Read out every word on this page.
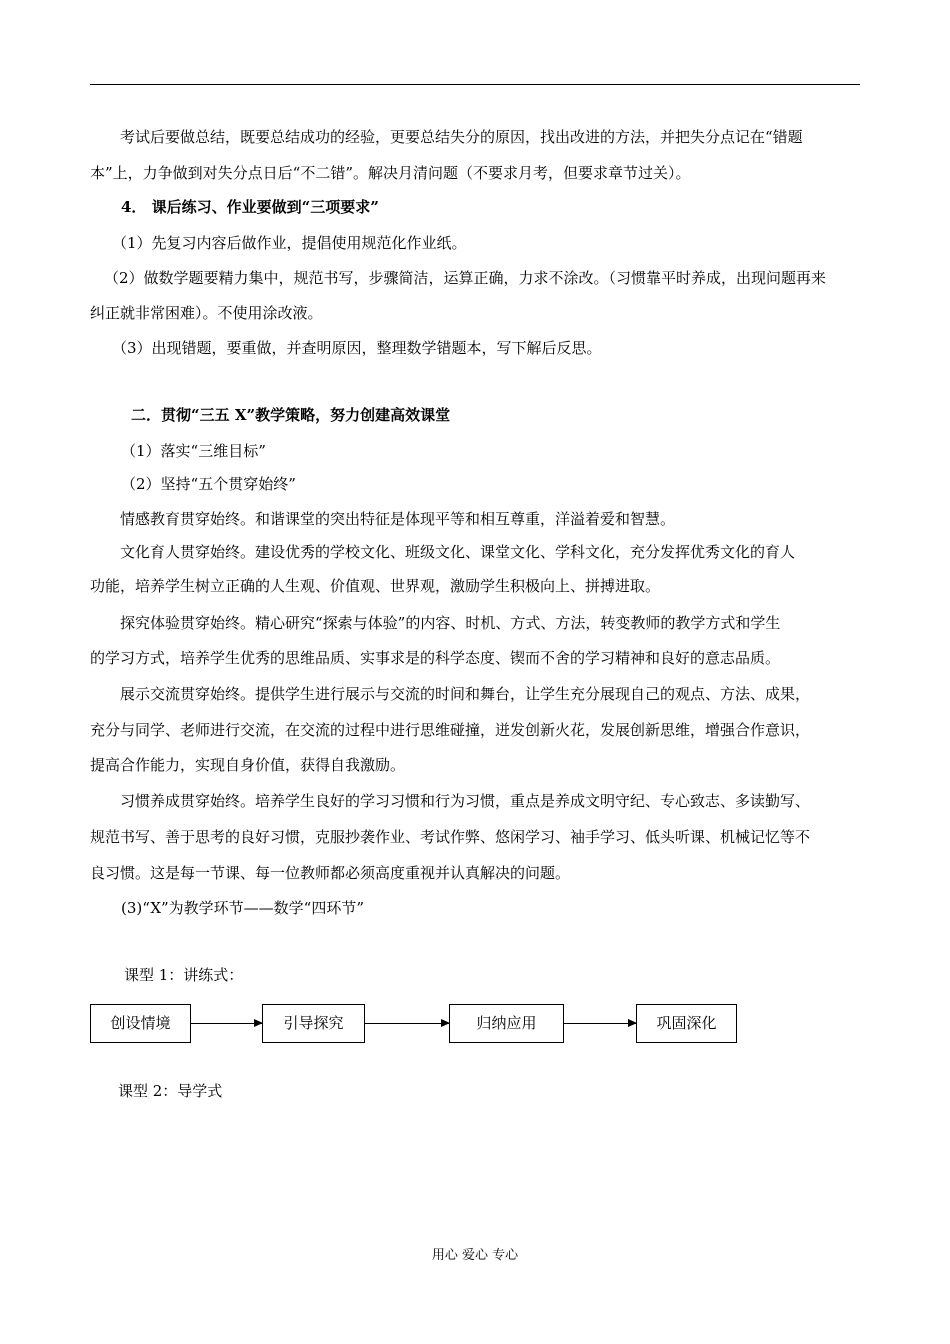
考试后要做总结，既要总结成功的经验，更要总结失分的原因，找出改进的方法，并把失分点记在“错题
本”上，力争做到对失分点日后“不二错”。解决月清问题（不要求月考，但要求章节过关）。
4． 课后练习、作业要做到“三项要求”
（1）先复习内容后做作业，提倡使用规范化作业纸。
（2）做数学题要精力集中，规范书写，步骤简洁，运算正确，力求不涂改。（习惯靠平时养成，出现问题再来
纠正就非常困难）。不使用涂改液。
（3）出现错题，要重做，并查明原因，整理数学错题本，写下解后反思。
二．贯彻“三五 X”教学策略，努力创建高效课堂
（1）落实“三维目标”
（2）坚持“五个贯穿始终”
情感教育贯穿始终。和谐课堂的突出特征是体现平等和相互尊重，洋溢着爱和智慧。
文化育人贯穿始终。建设优秀的学校文化、班级文化、课堂文化、学科文化，充分发挥优秀文化的育人
功能，培养学生树立正确的人生观、价值观、世界观，激励学生积极向上、拼搏进取。
探究体验贯穿始终。精心研究“探索与体验”的内容、时机、方式、方法，转变教师的教学方式和学生
的学习方式，培养学生优秀的思维品质、实事求是的科学态度、锲而不舍的学习精神和良好的意志品质。
展示交流贯穿始终。提供学生进行展示与交流的时间和舞台，让学生充分展现自己的观点、方法、成果，
充分与同学、老师进行交流，在交流的过程中进行思维碰撞，迸发创新火花，发展创新思维，增强合作意识，
提高合作能力，实现自身价值，获得自我激励。
习惯养成贯穿始终。培养学生良好的学习习惯和行为习惯，重点是养成文明守纪、专心致志、多读勤写、
规范书写、善于思考的良好习惯，克服抄袭作业、考试作弊、悠闲学习、袖手学习、低头听课、机械记忆等不
良习惯。这是每一节课、每一位教师都必须高度重视并认真解决的问题。
(3)“X”为教学环节——数学“四环节”
课型 1：讲练式：
创设情境	引导探究	归纳应用	巩固深化
课型 2：导学式
用心 爱心 专心
